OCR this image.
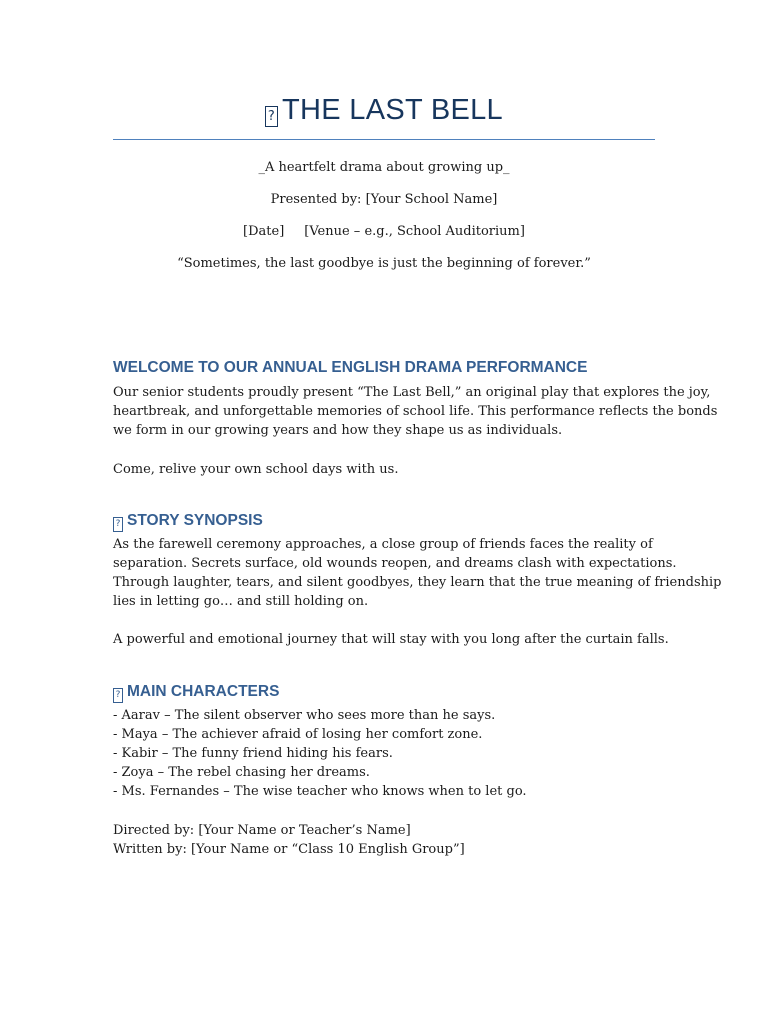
? THE LAST BELL
_A heartfelt drama about growing up_
Presented by: [Your School Name]
[Date] [Venue – e.g., School Auditorium]
“Sometimes, the last goodbye is just the beginning of forever.”
WELCOME TO OUR ANNUAL ENGLISH DRAMA PERFORMANCE
Our senior students proudly present “The Last Bell,” an original play that explores the joy,
heartbreak, and unforgettable memories of school life. This performance reflects the bonds
we form in our growing years and how they shape us as individuals.
Come, relive your own school days with us.
? STORY SYNOPSIS
As the farewell ceremony approaches, a close group of friends faces the reality of
separation. Secrets surface, old wounds reopen, and dreams clash with expectations.
Through laughter, tears, and silent goodbyes, they learn that the true meaning of friendship
lies in letting go… and still holding on.
A powerful and emotional journey that will stay with you long after the curtain falls.
? MAIN CHARACTERS
- Aarav – The silent observer who sees more than he says.
- Maya – The achiever afraid of losing her comfort zone.
- Kabir – The funny friend hiding his fears.
- Zoya – The rebel chasing her dreams.
- Ms. Fernandes – The wise teacher who knows when to let go.
Directed by: [Your Name or Teacher’s Name]
Written by: [Your Name or “Class 10 English Group”]
